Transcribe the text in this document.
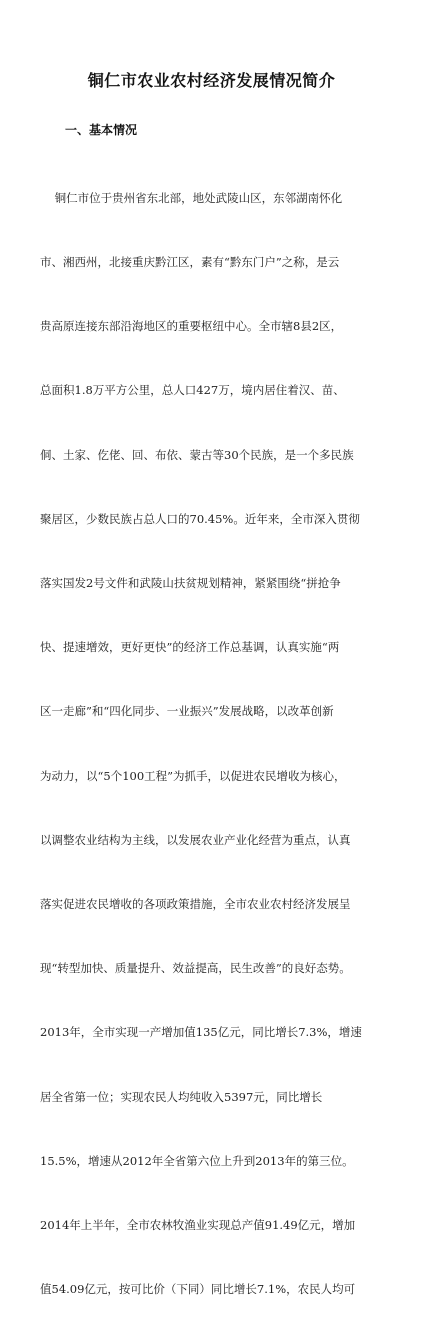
铜仁市农业农村经济发展情况简介
一、基本情况

铜仁市位于贵州省东北部，地处武陵山区，东邻湖南怀化

市、湘西州，北接重庆黔江区，素有“黔东门户”之称，是云

贵高原连接东部沿海地区的重要枢纽中心。全市辖8县2区，

总面积1.8万平方公里，总人口427万，境内居住着汉、苗、

侗、土家、仡佬、回、布依、蒙古等30个民族，是一个多民族

聚居区，少数民族占总人口的70.45%。近年来，全市深入贯彻

落实国发2号文件和武陵山扶贫规划精神，紧紧围绕“拼抢争

快、提速增效，更好更快”的经济工作总基调，认真实施“两

区一走廊”和“四化同步、一业振兴”发展战略，以改革创新

为动力，以“5个100工程”为抓手，以促进农民增收为核心，

以调整农业结构为主线，以发展农业产业化经营为重点，认真

落实促进农民增收的各项政策措施，全市农业农村经济发展呈

现“转型加快、质量提升、效益提高，民生改善”的良好态势。

2013年，全市实现一产增加值135亿元，同比增长7.3%，增速

居全省第一位；实现农民人均纯收入5397元，同比增长

15.5%，增速从2012年全省第六位上升到2013年的第三位。

2014年上半年，全市农林牧渔业实现总产值91.49亿元，增加

值54.09亿元，按可比价（下同）同比增长7.1%，农民人均可
